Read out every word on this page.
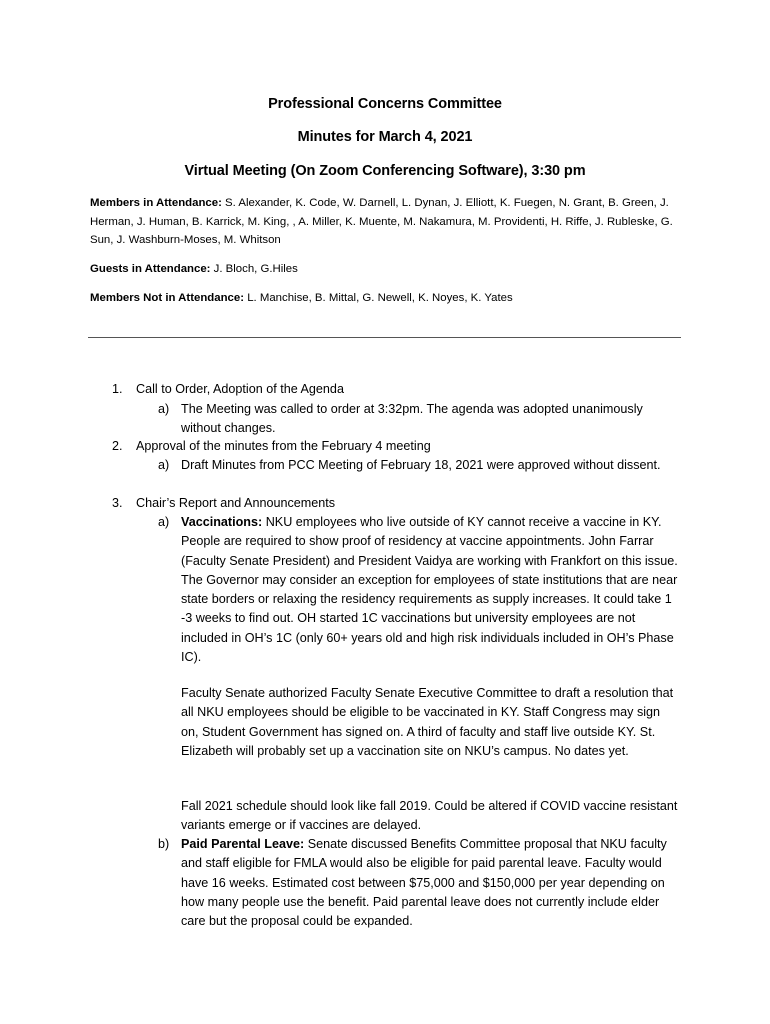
Professional Concerns Committee
Minutes for March 4, 2021
Virtual Meeting (On Zoom Conferencing Software), 3:30 pm
Members in Attendance: S. Alexander, K. Code, W. Darnell, L. Dynan, J. Elliott, K. Fuegen, N. Grant, B. Green, J. Herman, J. Human, B. Karrick, M. King, , A. Miller, K. Muente, M. Nakamura, M. Providenti, H. Riffe, J. Rubleske, G. Sun, J. Washburn-Moses, M. Whitson
Guests in Attendance: J. Bloch, G.Hiles
Members Not in Attendance: L. Manchise, B. Mittal, G. Newell, K. Noyes, K. Yates
1. Call to Order, Adoption of the Agenda
a) The Meeting was called to order at 3:32pm. The agenda was adopted unanimously without changes.
2. Approval of the minutes from the February 4 meeting
a) Draft Minutes from PCC Meeting of February 18, 2021 were approved without dissent.
3. Chair’s Report and Announcements
a) Vaccinations: NKU employees who live outside of KY cannot receive a vaccine in KY. People are required to show proof of residency at vaccine appointments. John Farrar (Faculty Senate President) and President Vaidya are working with Frankfort on this issue. The Governor may consider an exception for employees of state institutions that are near state borders or relaxing the residency requirements as supply increases. It could take 1 -3 weeks to find out. OH started 1C vaccinations but university employees are not included in OH’s 1C (only 60+ years old and high risk individuals included in OH’s Phase IC).
Faculty Senate authorized Faculty Senate Executive Committee to draft a resolution that all NKU employees should be eligible to be vaccinated in KY. Staff Congress may sign on, Student Government has signed on. A third of faculty and staff live outside KY. St. Elizabeth will probably set up a vaccination site on NKU’s campus. No dates yet.
Fall 2021 schedule should look like fall 2019. Could be altered if COVID vaccine resistant variants emerge or if vaccines are delayed.
b) Paid Parental Leave: Senate discussed Benefits Committee proposal that NKU faculty and staff eligible for FMLA would also be eligible for paid parental leave. Faculty would have 16 weeks. Estimated cost between $75,000 and $150,000 per year depending on how many people use the benefit. Paid parental leave does not currently include elder care but the proposal could be expanded.
